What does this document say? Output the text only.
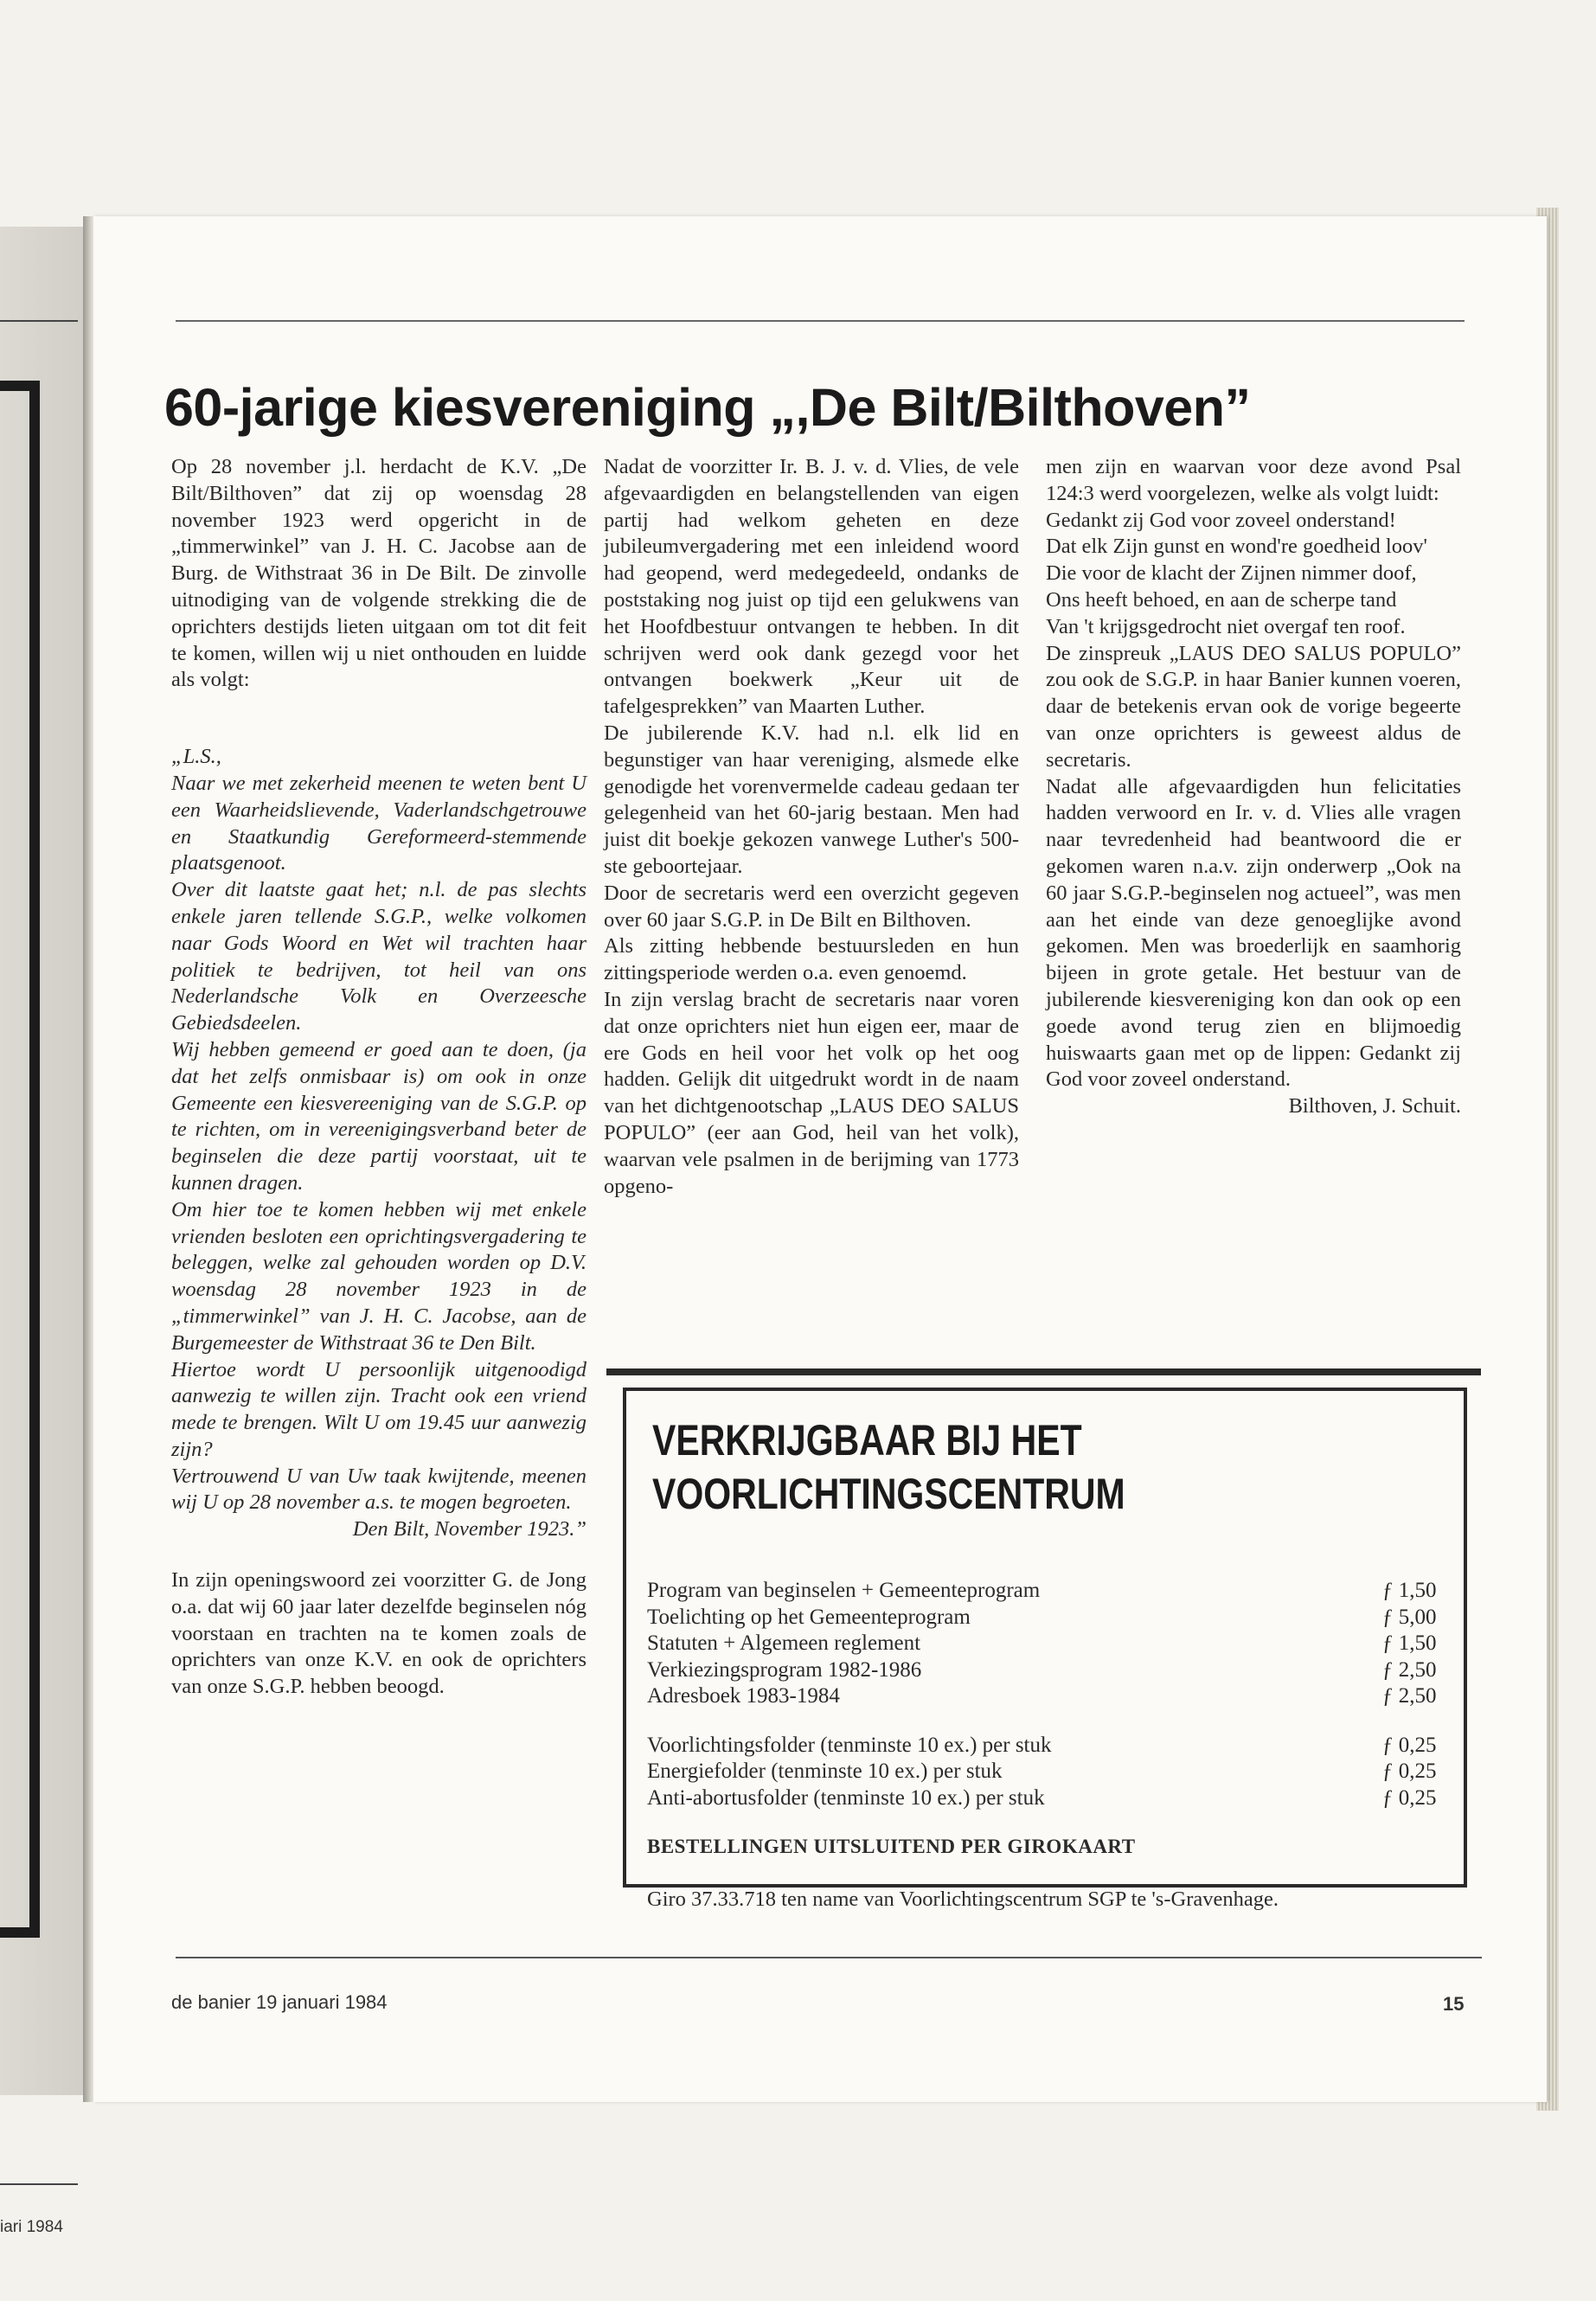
iari 1984
60-jarige kiesvereniging „,De Bilt/Bilthoven”

Op 28 november j.l. herdacht de K.V. „De Bilt/Bilthoven” dat zij op woensdag 28 november 1923 werd opgericht in de „timmerwinkel” van J. H. C. Jacobse aan de Burg. de Withstraat 36 in De Bilt. De zinvolle uitnodiging van de volgende strekking die de oprichters destijds lieten uitgaan om tot dit feit te komen, willen wij u niet onthouden en luidde als volgt:

„L.S.,

Naar we met zekerheid meenen te weten bent U een Waarheidslievende, Vaderlandschgetrouwe en Staatkundig Gereformeerd-stemmende plaatsgenoot.

Over dit laatste gaat het; n.l. de pas slechts enkele jaren tellende S.G.P., welke volkomen naar Gods Woord en Wet wil trachten haar politiek te bedrijven, tot heil van ons Nederlandsche Volk en Overzeesche Gebiedsdeelen.

Wij hebben gemeend er goed aan te doen, (ja dat het zelfs onmisbaar is) om ook in onze Gemeente een kiesvereeniging van de S.G.P. op te richten, om in vereenigingsverband beter de beginselen die deze partij voorstaat, uit te kunnen dragen.

Om hier toe te komen hebben wij met enkele vrienden besloten een oprichtingsvergadering te beleggen, welke zal gehouden worden op D.V. woensdag 28 november 1923 in de „timmerwinkel” van J. H. C. Jacobse, aan de Burgemeester de Withstraat 36 te Den Bilt.

Hiertoe wordt U persoonlijk uitgenoodigd aanwezig te willen zijn. Tracht ook een vriend mede te brengen. Wilt U om 19.45 uur aanwezig zijn?

Vertrouwend U van Uw taak kwijtende, meenen wij U op 28 november a.s. te mogen begroeten.

Den Bilt, November 1923.”

In zijn openingswoord zei voorzitter G. de Jong o.a. dat wij 60 jaar later dezelfde beginselen nóg voorstaan en trachten na te komen zoals de oprichters van onze K.V. en ook de oprichters van onze S.G.P. hebben beoogd.

Nadat de voorzitter Ir. B. J. v. d. Vlies, de vele afgevaardigden en belangstellenden van eigen partij had welkom geheten en deze jubileumvergadering met een inleidend woord had geopend, werd medegedeeld, ondanks de poststaking nog juist op tijd een gelukwens van het Hoofdbestuur ontvangen te hebben. In dit schrijven werd ook dank gezegd voor het ontvangen boekwerk „Keur uit de tafelgesprekken” van Maarten Luther.

De jubilerende K.V. had n.l. elk lid en begunstiger van haar vereniging, alsmede elke genodigde het vorenvermelde cadeau gedaan ter gelegenheid van het 60-jarig bestaan. Men had juist dit boekje gekozen vanwege Luther's 500-ste geboortejaar.

Door de secretaris werd een overzicht gegeven over 60 jaar S.G.P. in De Bilt en Bilthoven.

Als zitting hebbende bestuursleden en hun zittingsperiode werden o.a. even genoemd.

In zijn verslag bracht de secretaris naar voren dat onze oprichters niet hun eigen eer, maar de ere Gods en heil voor het volk op het oog hadden. Gelijk dit uitgedrukt wordt in de naam van het dichtgenootschap „LAUS DEO SALUS POPULO” (eer aan God, heil van het volk), waarvan vele psalmen in de berijming van 1773 opgeno-

men zijn en waarvan voor deze avond Psal 124:3 werd voorgelezen, welke als volgt luidt:

Gedankt zij God voor zoveel onderstand!

Dat elk Zijn gunst en wond're goedheid loov'

Die voor de klacht der Zijnen nimmer doof,

Ons heeft behoed, en aan de scherpe tand

Van 't krijgsgedrocht niet overgaf ten roof.

De zinspreuk „LAUS DEO SALUS POPULO” zou ook de S.G.P. in haar Banier kunnen voeren, daar de betekenis ervan ook de vorige begeerte van onze oprichters is geweest aldus de secretaris.

Nadat alle afgevaardigden hun felicitaties hadden verwoord en Ir. v. d. Vlies alle vragen naar tevredenheid had beantwoord die er gekomen waren n.a.v. zijn onderwerp „Ook na 60 jaar S.G.P.-beginselen nog actueel”, was men aan het einde van deze genoeglijke avond gekomen. Men was broederlijk en saamhorig bijeen in grote getale. Het bestuur van de jubilerende kiesvereniging kon dan ook op een goede avond terug zien en blijmoedig huiswaarts gaan met op de lippen: Gedankt zij God voor zoveel onderstand.

Bilthoven, J. Schuit.

VERKRIJGBAAR BIJ HET
VOORLICHTINGSCENTRUM
Program van beginselen + Gemeenteprogram	ƒ 1,50
Toelichting op het Gemeenteprogram	ƒ 5,00
Statuten + Algemeen reglement	ƒ 1,50
Verkiezingsprogram 1982-1986	ƒ 2,50
Adresboek 1983-1984	ƒ 2,50
Voorlichtingsfolder (tenminste 10 ex.) per stuk	ƒ 0,25
Energiefolder (tenminste 10 ex.) per stuk	ƒ 0,25
Anti-abortusfolder (tenminste 10 ex.) per stuk	ƒ 0,25
BESTELLINGEN UITSLUITEND PER GIROKAART
Giro 37.33.718 ten name van Voorlichtingscentrum SGP te 's-Gravenhage.
de banier 19 januari 1984	15
